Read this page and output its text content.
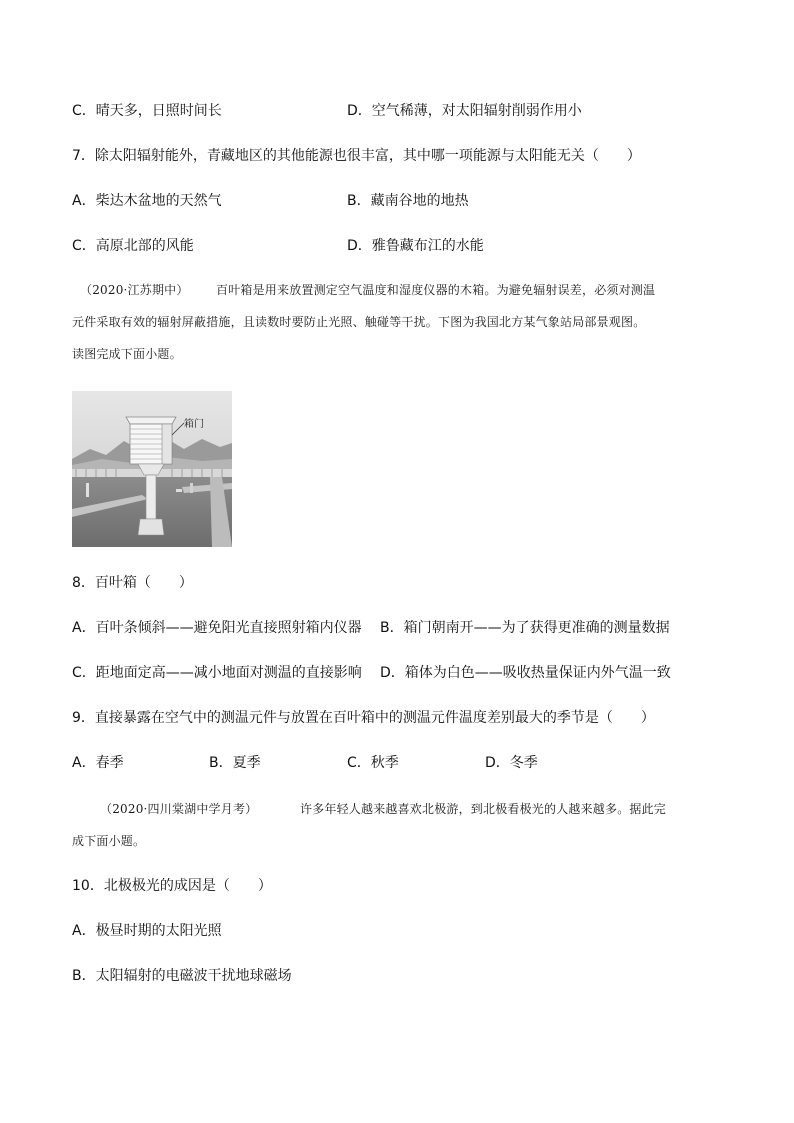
C．晴天多，日照时间长	D．空气稀薄，对太阳辐射削弱作用小
7．除太阳辐射能外，青藏地区的其他能源也很丰富，其中哪一项能源与太阳能无关（　　）
A．柴达木盆地的天然气	B．藏南谷地的地热
C．高原北部的风能	D．雅鲁藏布江的水能
（2020·江苏期中） 百叶箱是用来放置测定空气温度和湿度仪器的木箱。为避免辐射误差，必须对测温
元件采取有效的辐射屏蔽措施，且读数时要防止光照、触碰等干扰。下图为我国北方某气象站局部景观图。
读图完成下面小题。
箱门
8．百叶箱（　　）
A．百叶条倾斜——避免阳光直接照射箱内仪器 B．箱门朝南开——为了获得更准确的测量数据
C．距地面定高——减小地面对测温的直接影响 D．箱体为白色——吸收热量保证内外气温一致
9．直接暴露在空气中的测温元件与放置在百叶箱中的测温元件温度差别最大的季节是（　　）
A．春季	B．夏季	C．秋季	D．冬季
（2020·四川棠湖中学月考）	许多年轻人越来越喜欢北极游，到北极看极光的人越来越多。据此完
成下面小题。
10．北极极光的成因是（　　）
A．极昼时期的太阳光照
B．太阳辐射的电磁波干扰地球磁场
